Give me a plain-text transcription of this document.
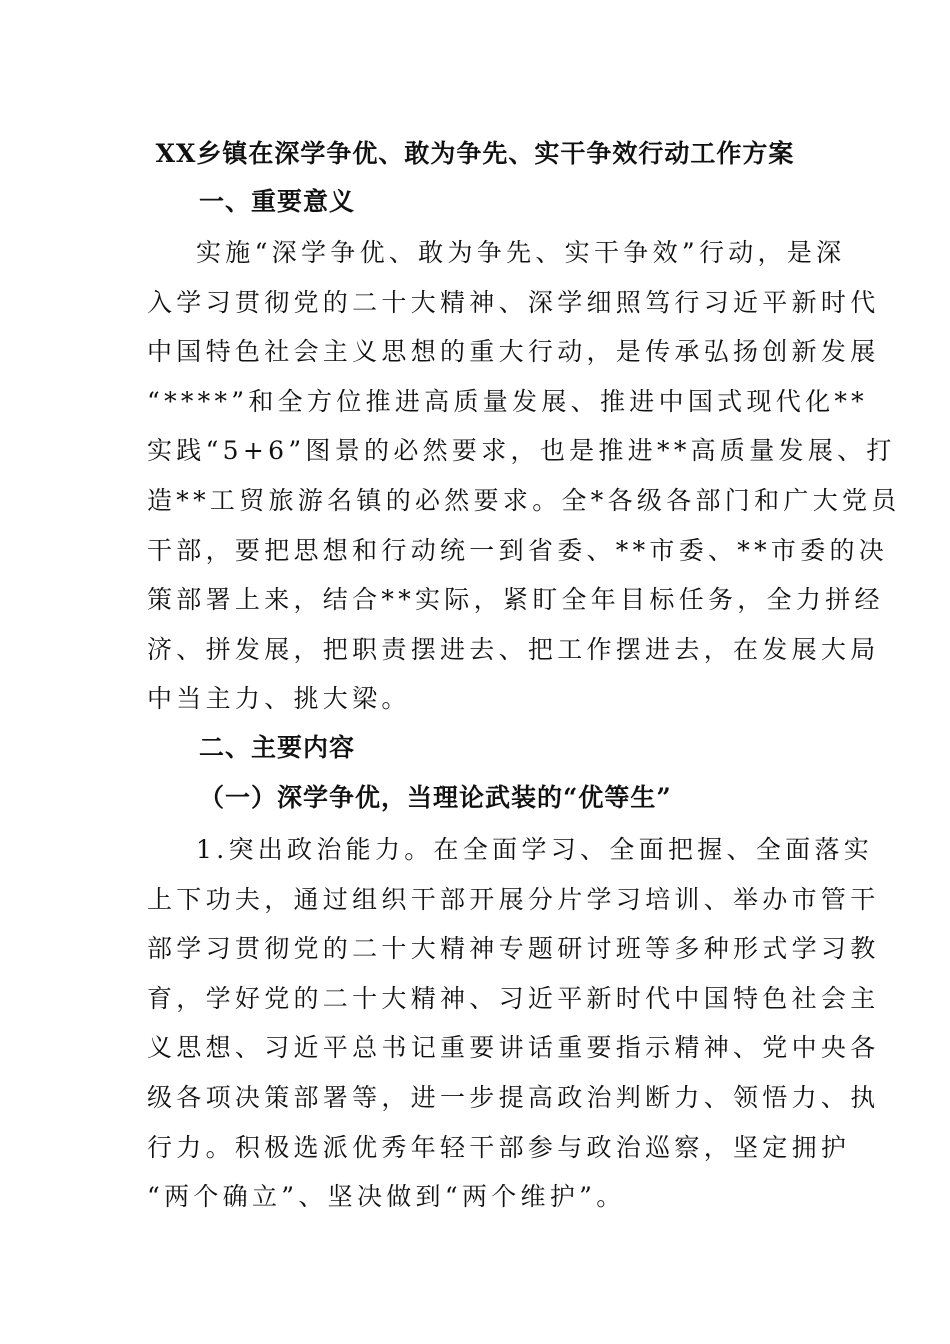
XX乡镇在深学争优、敢为争先、实干争效行动工作方案
一、重要意义
实施“深学争优、敢为争先、实干争效”行动，是深
入学习贯彻党的二十大精神、深学细照笃行习近平新时代
中国特色社会主义思想的重大行动，是传承弘扬创新发展
“****”和全方位推进高质量发展、推进中国式现代化**
实践“5+6”图景的必然要求，也是推进**高质量发展、打
造**工贸旅游名镇的必然要求。全*各级各部门和广大党员
干部，要把思想和行动统一到省委、**市委、**市委的决
策部署上来，结合**实际，紧盯全年目标任务，全力拼经
济、拼发展，把职责摆进去、把工作摆进去，在发展大局
中当主力、挑大梁。
二、主要内容
（一）深学争优，当理论武装的“优等生”
1.突出政治能力。在全面学习、全面把握、全面落实
上下功夫，通过组织干部开展分片学习培训、举办市管干
部学习贯彻党的二十大精神专题研讨班等多种形式学习教
育，学好党的二十大精神、习近平新时代中国特色社会主
义思想、习近平总书记重要讲话重要指示精神、党中央各
级各项决策部署等，进一步提高政治判断力、领悟力、执
行力。积极选派优秀年轻干部参与政治巡察，坚定拥护
“两个确立”、坚决做到“两个维护”。
